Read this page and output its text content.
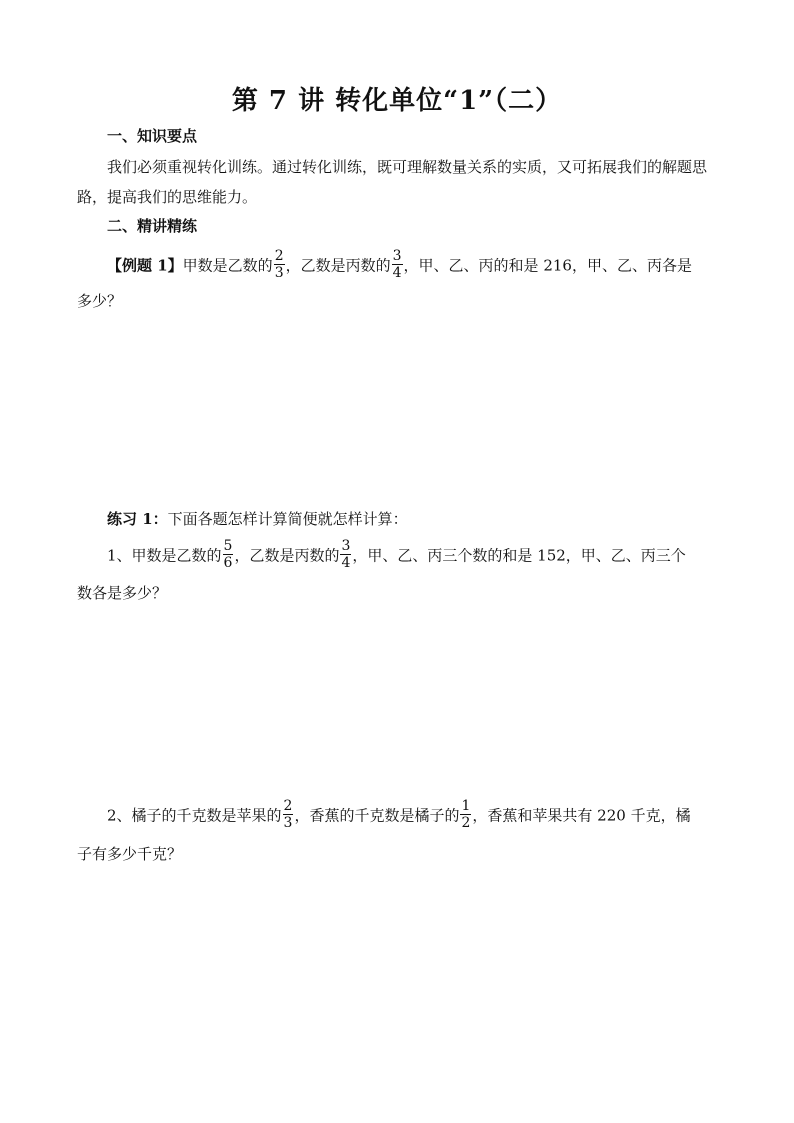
第 7 讲 转化单位“1”（二）
一、知识要点
我们必须重视转化训练。通过转化训练，既可理解数量关系的实质，又可拓展我们的解题思路，提高我们的思维能力。
二、精讲精练
【例题 1】甲数是乙数的 $\frac{2}{3}$ ，乙数是丙数的 $\frac{3}{4}$ ，甲、乙、丙的和是 216，甲、乙、丙各是
多少？
练习 1：下面各题怎样计算简便就怎样计算：
1、甲数是乙数的 $\frac{5}{6}$ ，乙数是丙数的 $\frac{3}{4}$ ，甲、乙、丙三个数的和是 152，甲、乙、丙三个
数各是多少？
2、橘子的千克数是苹果的 $\frac{2}{3}$ ，香蕉的千克数是橘子的 $\frac{1}{2}$ ，香蕉和苹果共有 220 千克，橘
子有多少千克？
